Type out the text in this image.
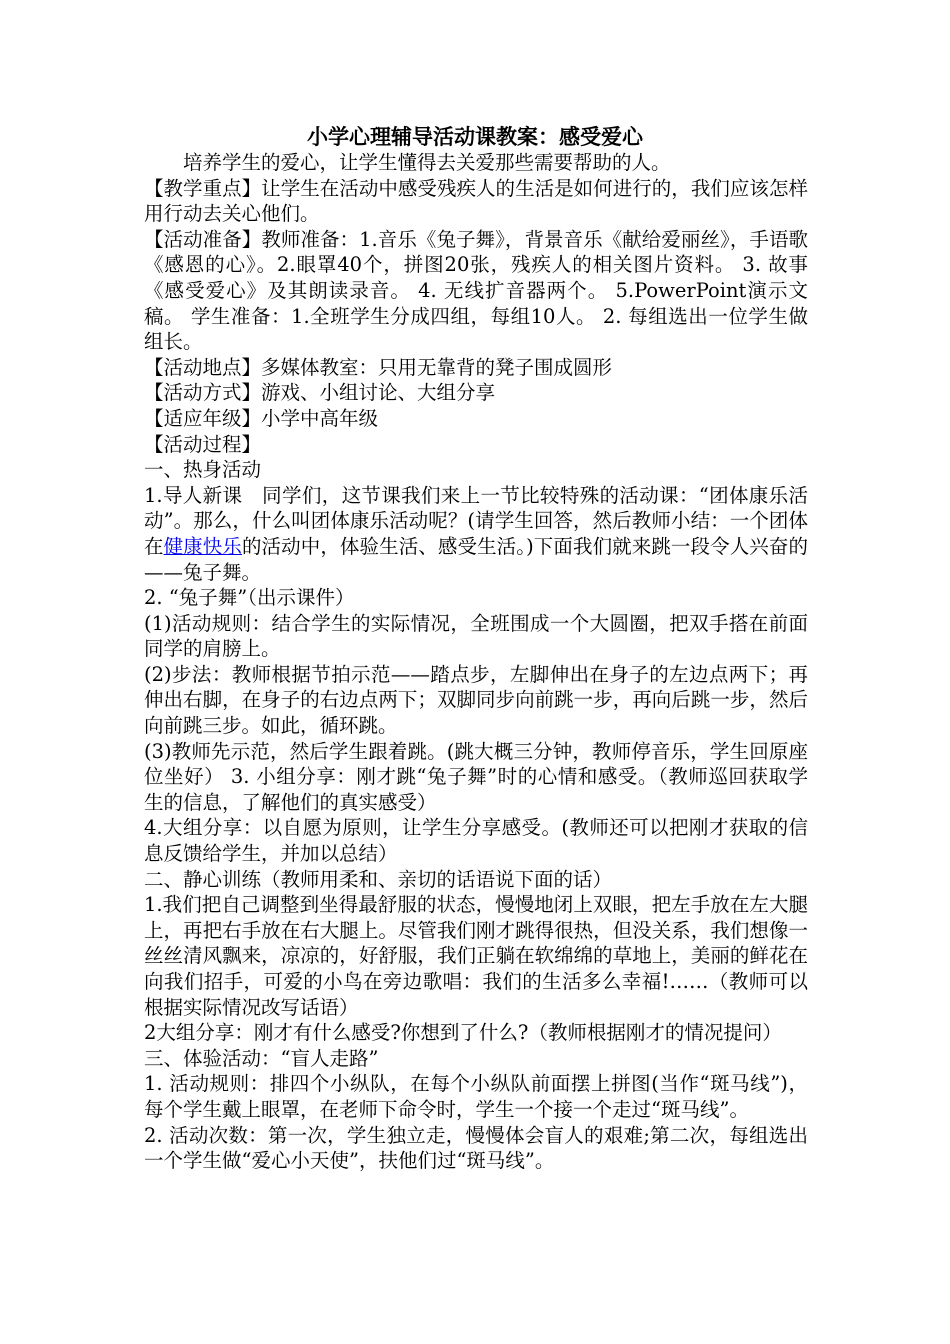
小学心理辅导活动课教案：感受爱心

培养学生的爱心，让学生懂得去关爱那些需要帮助的人。

【教学重点】让学生在活动中感受残疾人的生活是如何进行的，我们应该怎样用行动去关心他们。

【活动准备】教师准备：1.音乐《兔子舞》，背景音乐《献给爱丽丝》，手语歌《感恩的心》。2.眼罩40个，拼图20张，残疾人的相关图片资料。 3. 故事《感受爱心》及其朗读录音。 4. 无线扩音器两个。 5.PowerPoint演示文稿。 学生准备：1.全班学生分成四组，每组10人。 2. 每组选出一位学生做组长。

【活动地点】多媒体教室：只用无靠背的凳子围成圆形

【活动方式】游戏、小组讨论、大组分享

【适应年级】小学中高年级

【活动过程】

一、热身活动

1.导人新课　同学们，这节课我们来上一节比较特殊的活动课：“团体康乐活动”。那么，什么叫团体康乐活动呢？(请学生回答，然后教师小结：一个团体在健康快乐的活动中，体验生活、感受生活。)下面我们就来跳一段令人兴奋的——兔子舞。

2. “兔子舞”（出示课件）

(1)活动规则：结合学生的实际情况，全班围成一个大圆圈，把双手搭在前面同学的肩膀上。

(2)步法：教师根据节拍示范——踏点步，左脚伸出在身子的左边点两下；再伸出右脚，在身子的右边点两下；双脚同步向前跳一步，再向后跳一步，然后向前跳三步。如此，循环跳。

(3)教师先示范，然后学生跟着跳。(跳大概三分钟，教师停音乐，学生回原座位坐好） 3. 小组分享：刚才跳“兔子舞”时的心情和感受。（教师巡回获取学生的信息，了解他们的真实感受）

4.大组分享：以自愿为原则，让学生分享感受。(教师还可以把刚才获取的信息反馈给学生，并加以总结）

二、静心训练（教师用柔和、亲切的话语说下面的话）

1.我们把自己调整到坐得最舒服的状态，慢慢地闭上双眼，把左手放在左大腿上，再把右手放在右大腿上。尽管我们刚才跳得很热，但没关系，我们想像一丝丝清风飘来，凉凉的，好舒服，我们正躺在软绵绵的草地上，美丽的鲜花在向我们招手，可爱的小鸟在旁边歌唱：我们的生活多么幸福!……（教师可以根据实际情况改写话语）

2大组分享：刚才有什么感受?你想到了什么?（教师根据刚才的情况提问）

三、体验活动：“盲人走路”

1. 活动规则：排四个小纵队，在每个小纵队前面摆上拼图(当作“斑马线”)，每个学生戴上眼罩，在老师下命令时，学生一个接一个走过“斑马线”。

2. 活动次数：第一次，学生独立走，慢慢体会盲人的艰难;第二次，每组选出一个学生做“爱心小天使”，扶他们过“斑马线”。
